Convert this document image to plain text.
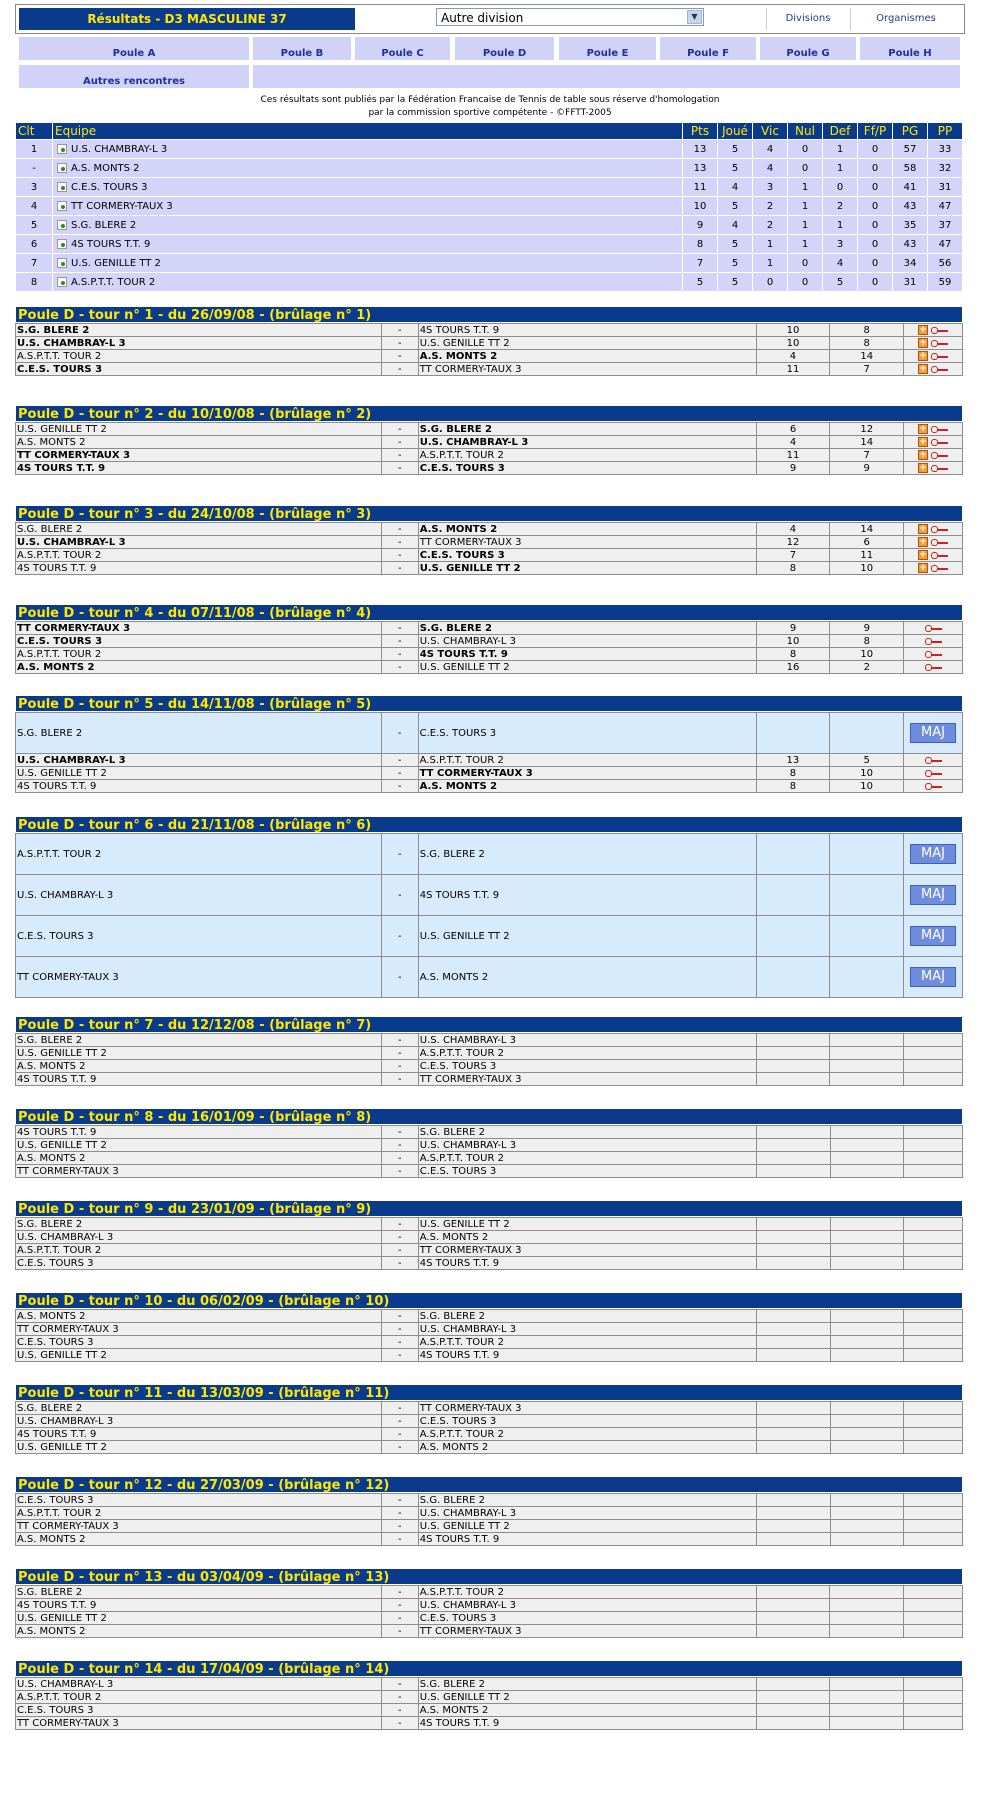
Résultats - D3 MASCULINE 37	Autre division	▼	Divisions	Organismes
Poule A	Poule B	Poule C	Poule D	Poule E	Poule F	Poule G	Poule H
Autres rencontres
Ces résultats sont publiés par la Fédération Francaise de Tennis de table sous réserve d'homologation
par la commission sportive compétente - ©FFTT-2005
Clt	Equipe	Pts	Joué	Vic	Nul	Def	Ff/P	PG	PP
1	U.S. CHAMBRAY-L 3	13	5	4	0	1	0	57	33
-	A.S. MONTS 2	13	5	4	0	1	0	58	32
3	C.E.S. TOURS 3	11	4	3	1	0	0	41	31
4	TT CORMERY-TAUX 3	10	5	2	1	2	0	43	47
5	S.G. BLERE 2	9	4	2	1	1	0	35	37
6	4S TOURS T.T. 9	8	5	1	1	3	0	43	47
7	U.S. GENILLE TT 2	7	5	1	0	4	0	34	56
8	A.S.P.T.T. TOUR 2	5	5	0	0	5	0	31	59
Poule D - tour n° 1 - du 26/09/08 - (brûlage n° 1)
S.G. BLERE 2	-	4S TOURS T.T. 9	10	8	+
U.S. CHAMBRAY-L 3	-	U.S. GENILLE TT 2	10	8	+
A.S.P.T.T. TOUR 2	-	A.S. MONTS 2	4	14	+
C.E.S. TOURS 3	-	TT CORMERY-TAUX 3	11	7	+
Poule D - tour n° 2 - du 10/10/08 - (brûlage n° 2)
U.S. GENILLE TT 2	-	S.G. BLERE 2	6	12	+
A.S. MONTS 2	-	U.S. CHAMBRAY-L 3	4	14	+
TT CORMERY-TAUX 3	-	A.S.P.T.T. TOUR 2	11	7	+
4S TOURS T.T. 9	-	C.E.S. TOURS 3	9	9	+
Poule D - tour n° 3 - du 24/10/08 - (brûlage n° 3)
S.G. BLERE 2	-	A.S. MONTS 2	4	14	+
U.S. CHAMBRAY-L 3	-	TT CORMERY-TAUX 3	12	6	+
A.S.P.T.T. TOUR 2	-	C.E.S. TOURS 3	7	11	+
4S TOURS T.T. 9	-	U.S. GENILLE TT 2	8	10	+
Poule D - tour n° 4 - du 07/11/08 - (brûlage n° 4)
TT CORMERY-TAUX 3	-	S.G. BLERE 2	9	9	
C.E.S. TOURS 3	-	U.S. CHAMBRAY-L 3	10	8	
A.S.P.T.T. TOUR 2	-	4S TOURS T.T. 9	8	10	
A.S. MONTS 2	-	U.S. GENILLE TT 2	16	2	
Poule D - tour n° 5 - du 14/11/08 - (brûlage n° 5)
S.G. BLERE 2	-	C.E.S. TOURS 3			MAJ
U.S. CHAMBRAY-L 3	-	A.S.P.T.T. TOUR 2	13	5	
U.S. GENILLE TT 2	-	TT CORMERY-TAUX 3	8	10	
4S TOURS T.T. 9	-	A.S. MONTS 2	8	10	
Poule D - tour n° 6 - du 21/11/08 - (brûlage n° 6)
A.S.P.T.T. TOUR 2	-	S.G. BLERE 2			MAJ
U.S. CHAMBRAY-L 3	-	4S TOURS T.T. 9			MAJ
C.E.S. TOURS 3	-	U.S. GENILLE TT 2			MAJ
TT CORMERY-TAUX 3	-	A.S. MONTS 2			MAJ
Poule D - tour n° 7 - du 12/12/08 - (brûlage n° 7)
S.G. BLERE 2	-	U.S. CHAMBRAY-L 3			
U.S. GENILLE TT 2	-	A.S.P.T.T. TOUR 2			
A.S. MONTS 2	-	C.E.S. TOURS 3			
4S TOURS T.T. 9	-	TT CORMERY-TAUX 3			
Poule D - tour n° 8 - du 16/01/09 - (brûlage n° 8)
4S TOURS T.T. 9	-	S.G. BLERE 2			
U.S. GENILLE TT 2	-	U.S. CHAMBRAY-L 3			
A.S. MONTS 2	-	A.S.P.T.T. TOUR 2			
TT CORMERY-TAUX 3	-	C.E.S. TOURS 3			
Poule D - tour n° 9 - du 23/01/09 - (brûlage n° 9)
S.G. BLERE 2	-	U.S. GENILLE TT 2			
U.S. CHAMBRAY-L 3	-	A.S. MONTS 2			
A.S.P.T.T. TOUR 2	-	TT CORMERY-TAUX 3			
C.E.S. TOURS 3	-	4S TOURS T.T. 9			
Poule D - tour n° 10 - du 06/02/09 - (brûlage n° 10)
A.S. MONTS 2	-	S.G. BLERE 2			
TT CORMERY-TAUX 3	-	U.S. CHAMBRAY-L 3			
C.E.S. TOURS 3	-	A.S.P.T.T. TOUR 2			
U.S. GENILLE TT 2	-	4S TOURS T.T. 9			
Poule D - tour n° 11 - du 13/03/09 - (brûlage n° 11)
S.G. BLERE 2	-	TT CORMERY-TAUX 3			
U.S. CHAMBRAY-L 3	-	C.E.S. TOURS 3			
4S TOURS T.T. 9	-	A.S.P.T.T. TOUR 2			
U.S. GENILLE TT 2	-	A.S. MONTS 2			
Poule D - tour n° 12 - du 27/03/09 - (brûlage n° 12)
C.E.S. TOURS 3	-	S.G. BLERE 2			
A.S.P.T.T. TOUR 2	-	U.S. CHAMBRAY-L 3			
TT CORMERY-TAUX 3	-	U.S. GENILLE TT 2			
A.S. MONTS 2	-	4S TOURS T.T. 9			
Poule D - tour n° 13 - du 03/04/09 - (brûlage n° 13)
S.G. BLERE 2	-	A.S.P.T.T. TOUR 2			
4S TOURS T.T. 9	-	U.S. CHAMBRAY-L 3			
U.S. GENILLE TT 2	-	C.E.S. TOURS 3			
A.S. MONTS 2	-	TT CORMERY-TAUX 3			
Poule D - tour n° 14 - du 17/04/09 - (brûlage n° 14)
U.S. CHAMBRAY-L 3	-	S.G. BLERE 2			
A.S.P.T.T. TOUR 2	-	U.S. GENILLE TT 2			
C.E.S. TOURS 3	-	A.S. MONTS 2			
TT CORMERY-TAUX 3	-	4S TOURS T.T. 9			
